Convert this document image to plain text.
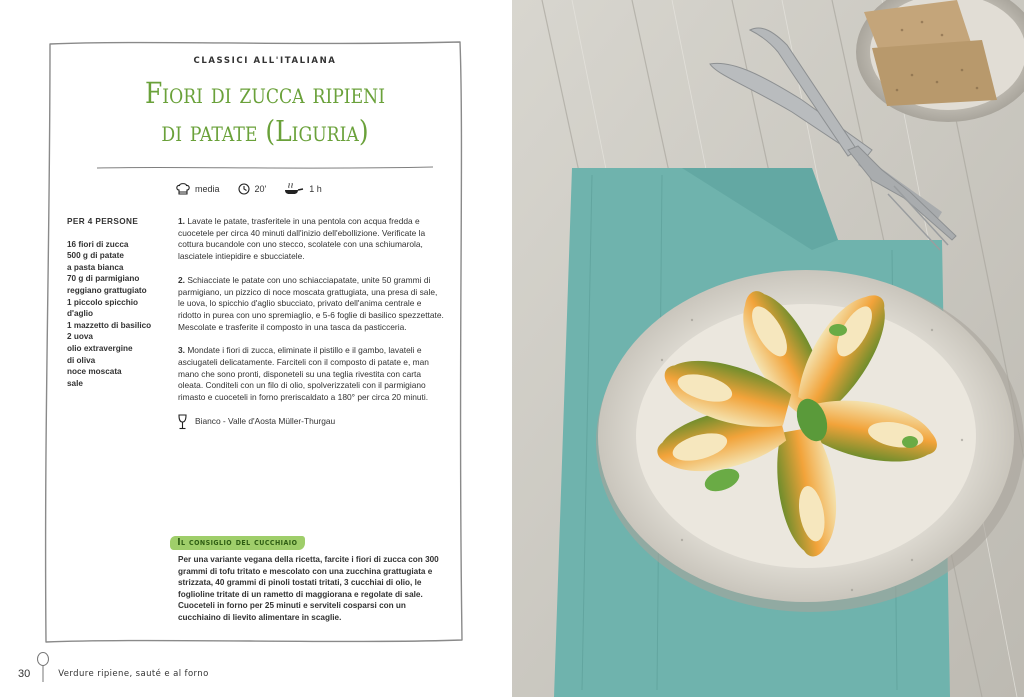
CLASSICI ALL'ITALIANA
Fiori di zucca ripieni
di patate (Liguria)
media	20'	1 h
PER 4 PERSONE
16 fiori di zucca
500 g di patate
a pasta bianca
70 g di parmigiano
reggiano grattugiato
1 piccolo spicchio
d'aglio
1 mazzetto di basilico
2 uova
olio extravergine
di oliva
noce moscata
sale

1. Lavate le patate, trasferitele in una pentola con acqua fredda e cuocetele per circa 40 minuti dall'inizio dell'ebollizione. Verificate la cottura bucandole con uno stecco, scolatele con una schiumarola, lasciatele intiepidire e sbucciatele.

2. Schiacciate le patate con uno schiacciapatate, unite 50 grammi di parmigiano, un pizzico di noce moscata grattugiata, una presa di sale, le uova, lo spicchio d'aglio sbucciato, privato dell'anima centrale e ridotto in purea con uno spremiaglio, e 5-6 foglie di basilico spezzettate. Mescolate e trasferite il composto in una tasca da pasticceria.

3. Mondate i fiori di zucca, eliminate il pistillo e il gambo, lavateli e asciugateli delicatamente. Farciteli con il composto di patate e, man mano che sono pronti, disponeteli su una teglia rivestita con carta oleata. Conditeli con un filo di olio, spolverizzateli con il parmigiano rimasto e cuoceteli in forno preriscaldato a 180° per circa 20 minuti.

Bianco - Valle d'Aosta Müller-Thurgau
Il consiglio del cucchiaio
Per una variante vegana della ricetta, farcite i fiori di zucca con 300 grammi di tofu tritato e mescolato con una zucchina grattugiata e strizzata, 40 grammi di pinoli tostati tritati, 3 cucchiai di olio, le foglioline tritate di un rametto di maggiorana e regolate di sale. Cuoceteli in forno per 25 minuti e serviteli cosparsi con un cucchiaino di lievito alimentare in scaglie.
30	Verdure ripiene, sauté e al forno
